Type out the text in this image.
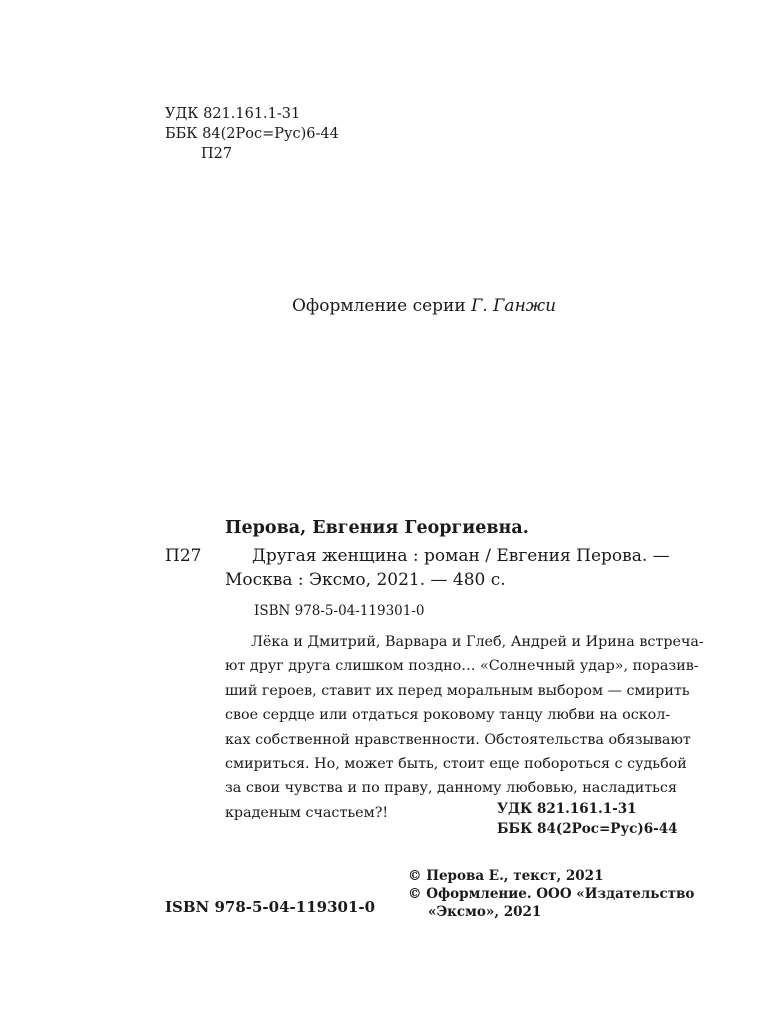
УДК 821.161.1-31
ББК 84(2Рос=Рус)6-44
П27
Оформление серии Г. Ганжи
Перова, Евгения Георгиевна.
П27	Другая женщина : роман / Евгения Перова. —
Москва : Эксмо, 2021. — 480 с.
ISBN 978-5-04-119301-0
Лёка и Дмитрий, Варвара и Глеб, Андрей и Ирина встреча-
ют друг друга слишком поздно… «Солнечный удар», поразив-
ший героев, ставит их перед моральным выбором — смирить
свое сердце или отдаться роковому танцу любви на оскол-
ках собственной нравственности. Обстоятельства обязывают
смириться. Но, может быть, стоит еще побороться с судьбой
за свои чувства и по праву, данному любовью, насладиться
краденым счастьем?!	УДК 821.161.1-31
ББК 84(2Рос=Рус)6-44
© Перова Е., текст, 2021
© Оформление. ООО «Издательство
«Эксмо», 2021
ISBN 978-5-04-119301-0
